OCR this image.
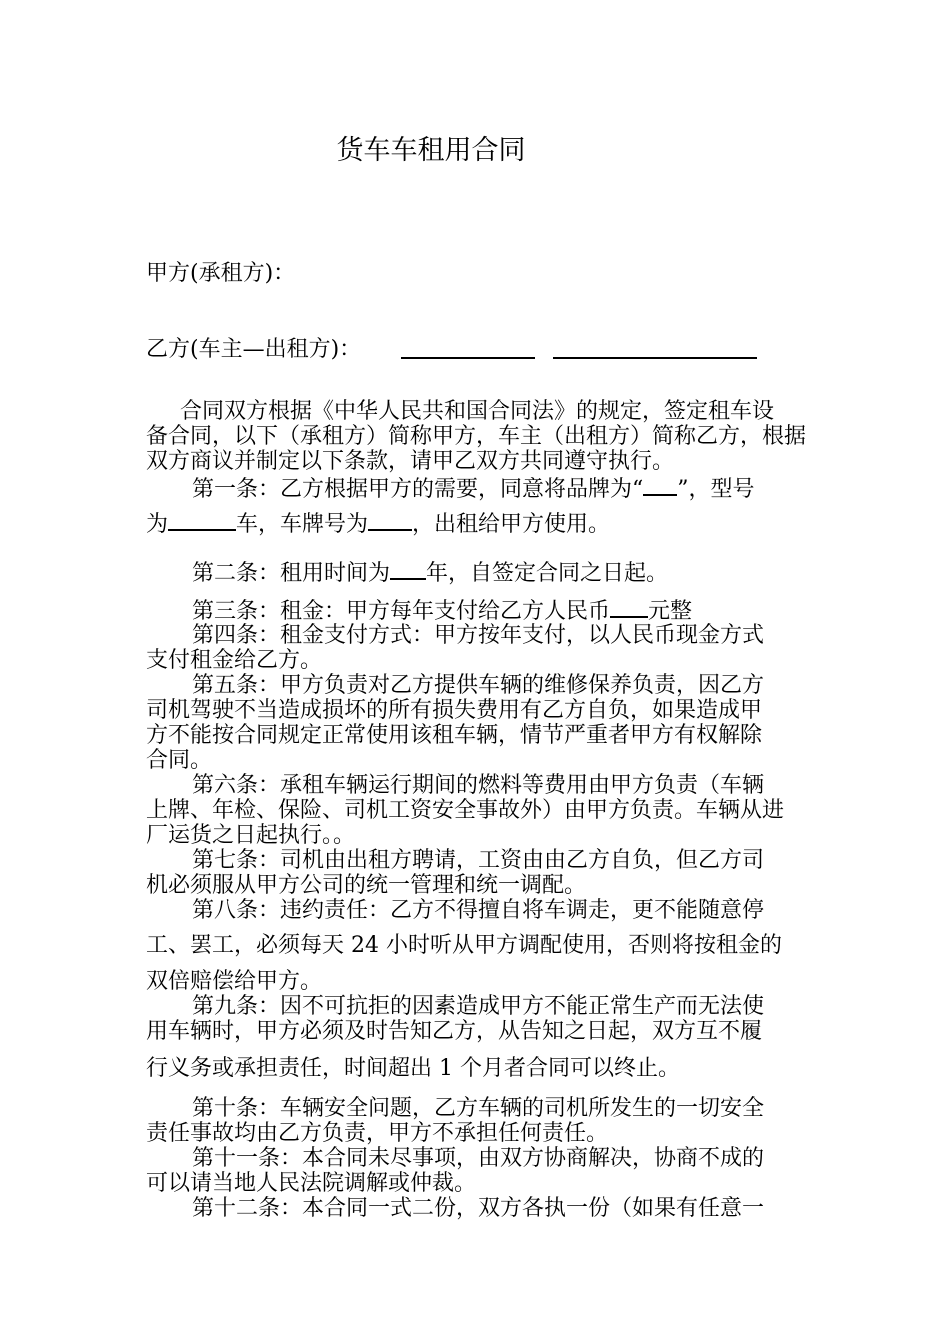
货车车租用合同
甲方(承租方)：
乙方(车主—出租方)：
合同双方根据《中华人民共和国合同法》的规定，签定租车设
备合同，以下（承租方）简称甲方，车主（出租方）简称乙方，根据
双方商议并制定以下条款，请甲乙双方共同遵守执行。
第一条：乙方根据甲方的需要，同意将品牌为“ ”，型号
为	车，车牌号为 ，出租给甲方使用。
第二条：租用时间为 年，自签定合同之日起。
第三条：租金：甲方每年支付给乙方人民币 元整
第四条：租金支付方式：甲方按年支付，以人民币现金方式
支付租金给乙方。
第五条：甲方负责对乙方提供车辆的维修保养负责，因乙方
司机驾驶不当造成损坏的所有损失费用有乙方自负，如果造成甲
方不能按合同规定正常使用该租车辆，情节严重者甲方有权解除
合同。
第六条：承租车辆运行期间的燃料等费用由甲方负责（车辆
上牌、年检、保险、司机工资安全事故外）由甲方负责。车辆从进
厂运货之日起执行。。
第七条：司机由出租方聘请，工资由由乙方自负，但乙方司
机必须服从甲方公司的统一管理和统一调配。
第八条：违约责任：乙方不得擅自将车调走，更不能随意停
工、罢工，必须每天 24 小时听从甲方调配使用，否则将按租金的
双倍赔偿给甲方。
第九条：因不可抗拒的因素造成甲方不能正常生产而无法使
用车辆时，甲方必须及时告知乙方，从告知之日起，双方互不履
行义务或承担责任，时间超出 1 个月者合同可以终止。
第十条：车辆安全问题，乙方车辆的司机所发生的一切安全
责任事故均由乙方负责，甲方不承担任何责任。
第十一条：本合同未尽事项，由双方协商解决，协商不成的
可以请当地人民法院调解或仲裁。
第十二条：本合同一式二份，双方各执一份（如果有任意一
